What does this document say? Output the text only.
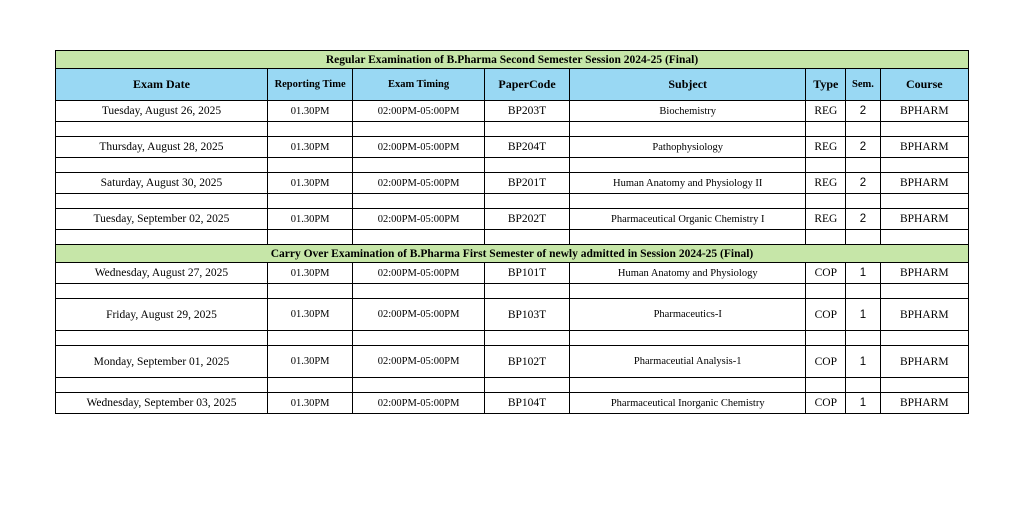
Regular Examination of B.Pharma Second Semester Session 2024-25 (Final)							
Exam Date	Reporting Time	Exam Timing	PaperCode	Subject	Type	Sem.	Course
Tuesday, August 26, 2025	01.30PM	02:00PM-05:00PM	BP203T	Biochemistry	REG	2	BPHARM

Thursday, August 28, 2025	01.30PM	02:00PM-05:00PM	BP204T	Pathophysiology	REG	2	BPHARM

Saturday, August 30, 2025	01.30PM	02:00PM-05:00PM	BP201T	Human Anatomy and Physiology II	REG	2	BPHARM

Tuesday, September 02, 2025	01.30PM	02:00PM-05:00PM	BP202T	Pharmaceutical Organic Chemistry I	REG	2	BPHARM

Carry Over Examination of B.Pharma First Semester of newly admitted in Session 2024-25 (Final)							
Wednesday, August 27, 2025	01.30PM	02:00PM-05:00PM	BP101T	Human Anatomy and Physiology	COP	1	BPHARM

Friday, August 29, 2025	01.30PM	02:00PM-05:00PM	BP103T	Pharmaceutics-I	COP	1	BPHARM

Monday, September 01, 2025	01.30PM	02:00PM-05:00PM	BP102T	Pharmaceutial Analysis-1	COP	1	BPHARM

Wednesday, September 03, 2025	01.30PM	02:00PM-05:00PM	BP104T	Pharmaceutical Inorganic Chemistry	COP	1	BPHARM
